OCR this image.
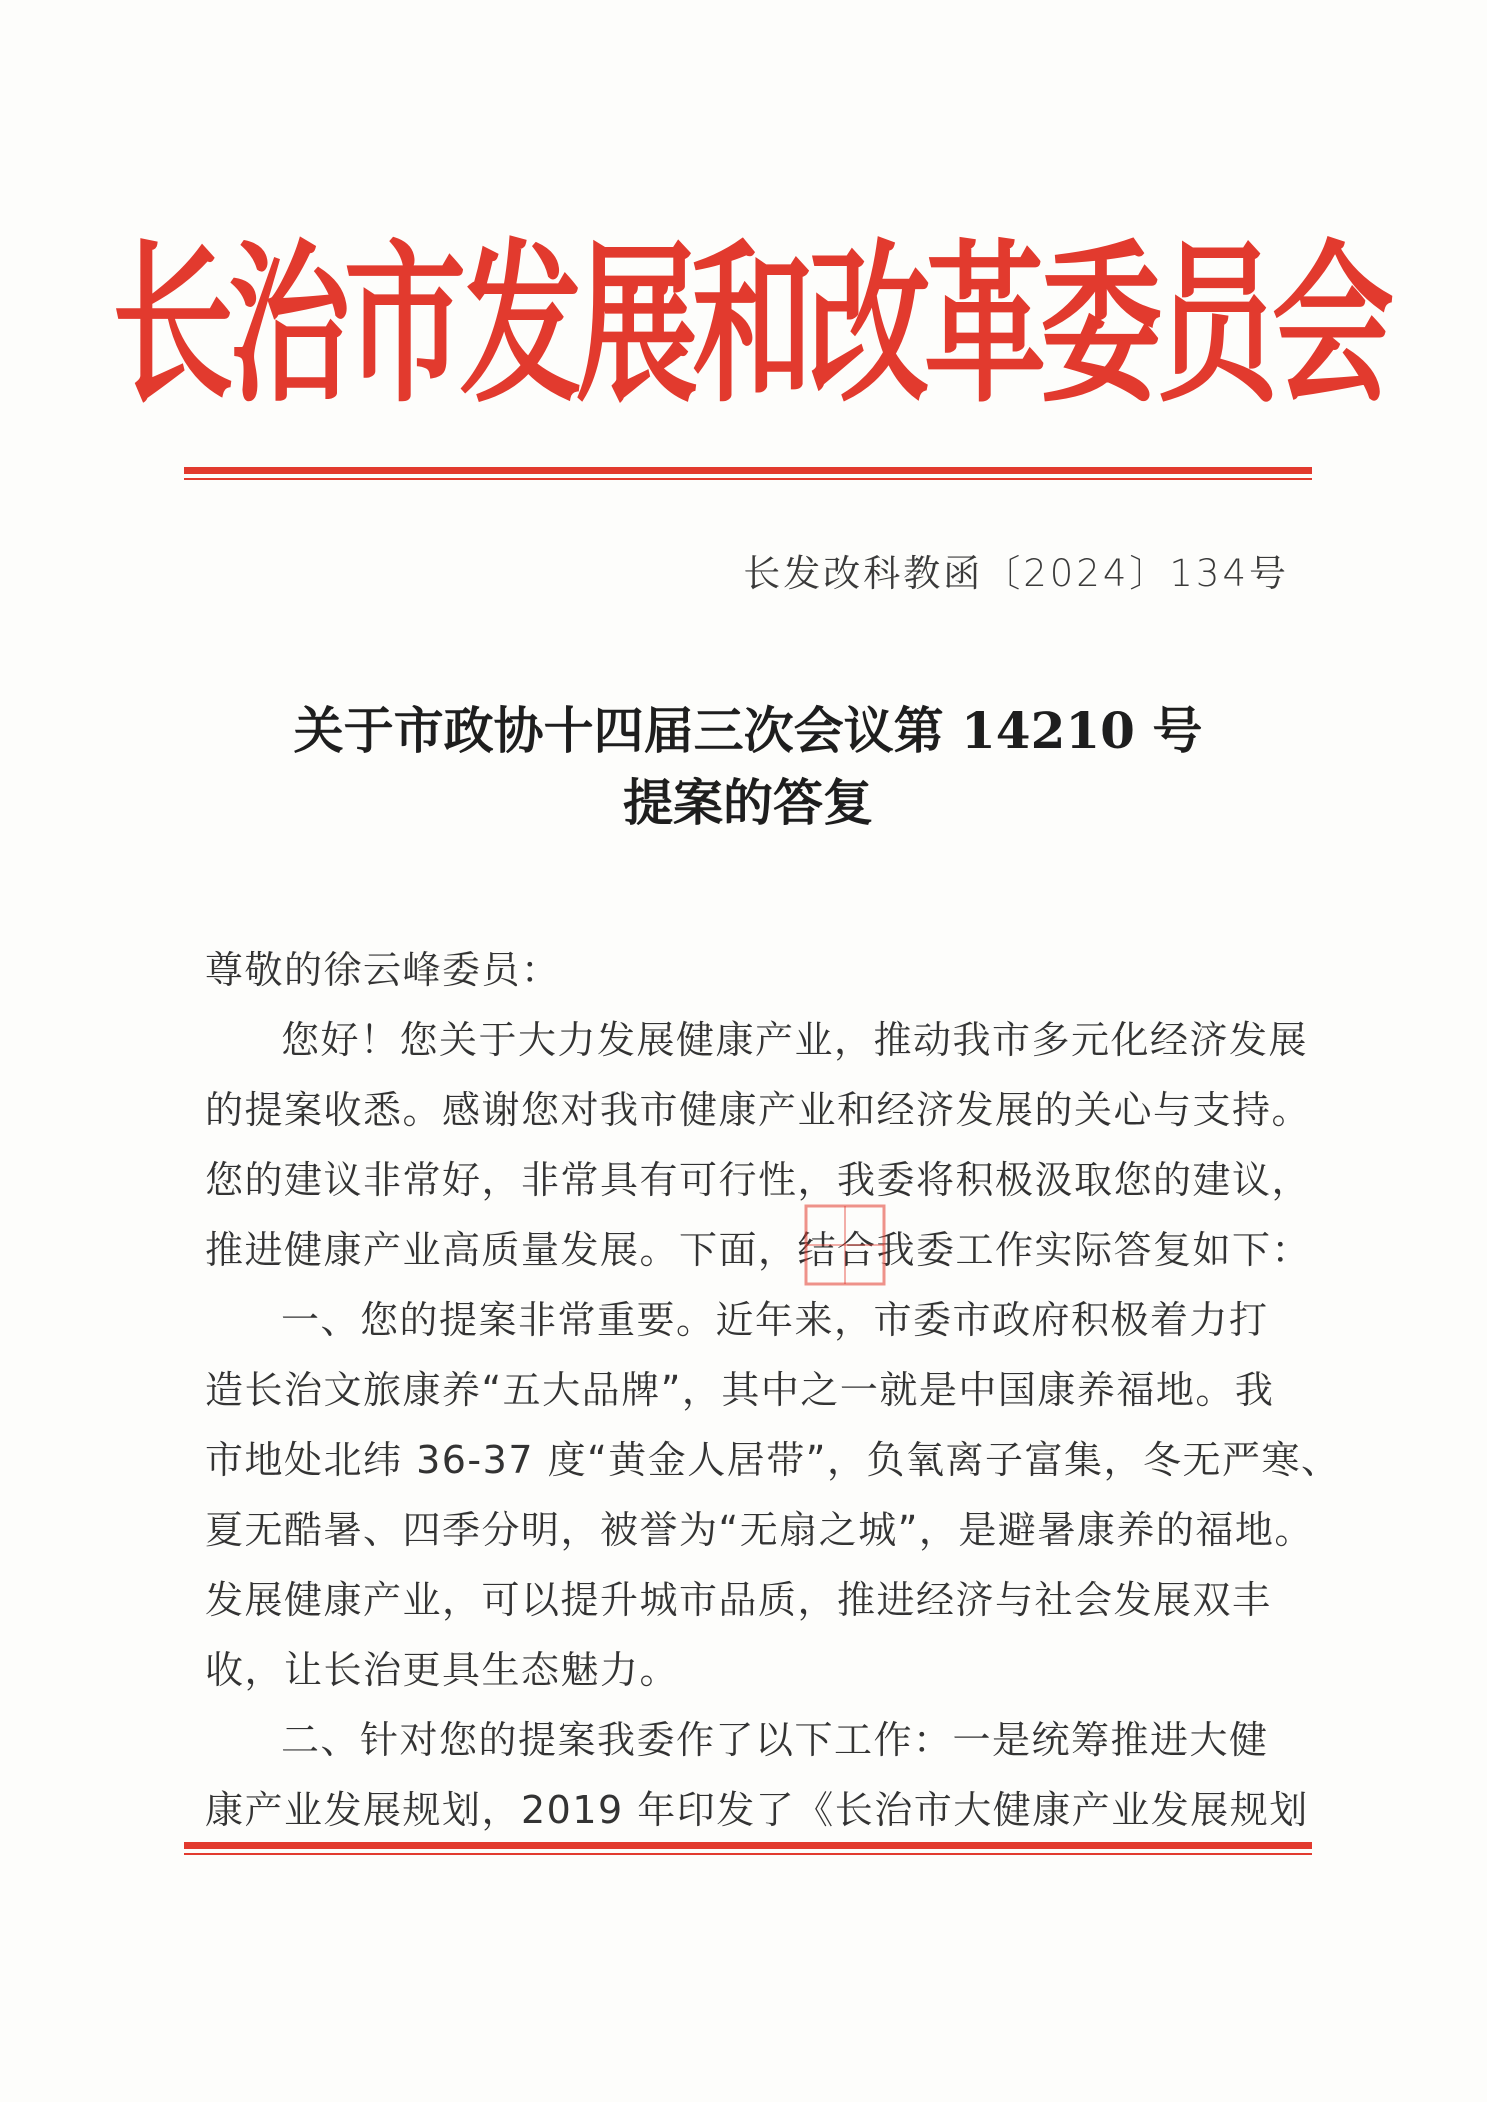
长治市发展和改革委员会
长发改科教函〔2024〕134号
关于市政协十四届三次会议第 14210 号
提案的答复
尊敬的徐云峰委员：
您好！您关于大力发展健康产业，推动我市多元化经济发展
的提案收悉。感谢您对我市健康产业和经济发展的关心与支持。
您的建议非常好，非常具有可行性，我委将积极汲取您的建议，
推进健康产业高质量发展。下面，结合我委工作实际答复如下：
一、您的提案非常重要。近年来，市委市政府积极着力打
造长治文旅康养“五大品牌”，其中之一就是中国康养福地。我
市地处北纬 36-37 度“黄金人居带”，负氧离子富集，冬无严寒、
夏无酷暑、四季分明，被誉为“无扇之城”，是避暑康养的福地。
发展健康产业，可以提升城市品质，推进经济与社会发展双丰
收，让长治更具生态魅力。
二、针对您的提案我委作了以下工作：一是统筹推进大健
康产业发展规划，2019 年印发了《长治市大健康产业发展规划
